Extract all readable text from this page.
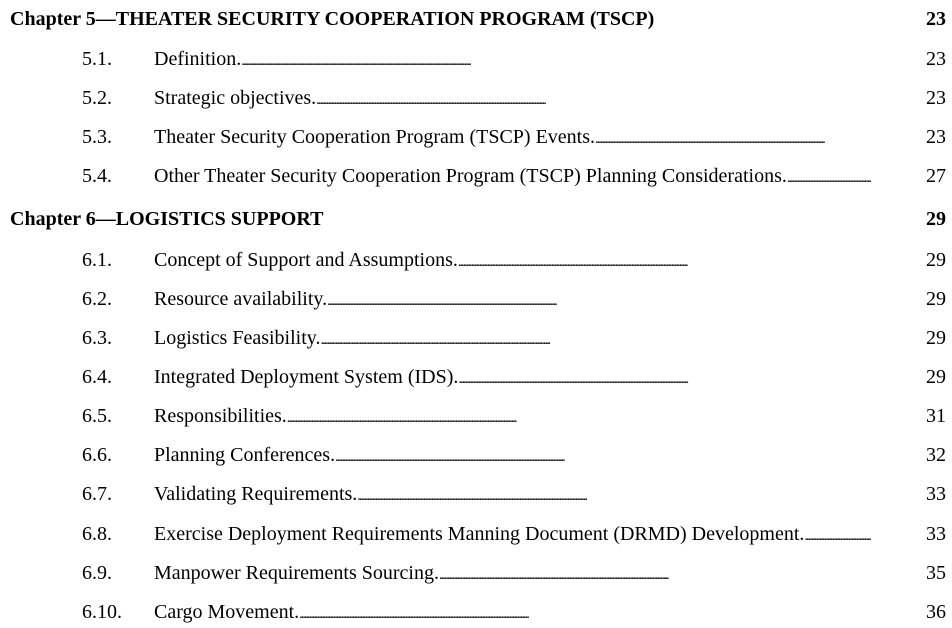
Chapter 5—THEATER SECURITY COOPERATION PROGRAM (TSCP)	23
5.1. Definition. . . .	23
5.2. Strategic objectives. . . .	23
5.3. Theater Security Cooperation Program (TSCP) Events. . . .	23
5.4. Other Theater Security Cooperation Program (TSCP) Planning Considerations. . . .	27
Chapter 6—LOGISTICS SUPPORT	29
6.1. Concept of Support and Assumptions. . . .	29
6.2. Resource availability. . . .	29
6.3. Logistics Feasibility. . . .	29
6.4. Integrated Deployment System (IDS). . . .	29
6.5. Responsibilities. . . .	31
6.6. Planning Conferences. . . .	32
6.7. Validating Requirements. . . .	33
6.8. Exercise Deployment Requirements Manning Document (DRMD) Development. . . .	33
6.9. Manpower Requirements Sourcing. . . .	35
6.10. Cargo Movement. . . .	36
